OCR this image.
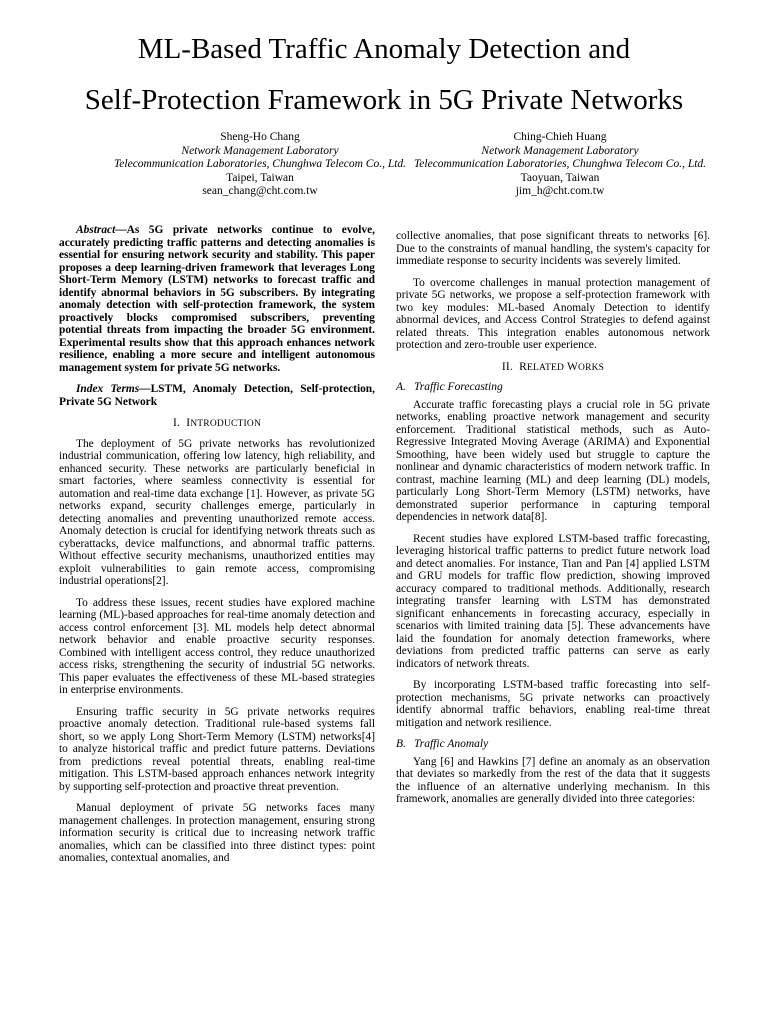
ML-Based Traffic Anomaly Detection and
Self-Protection Framework in 5G Private Networks
Sheng-Ho Chang
Network Management Laboratory
Telecommunication Laboratories, Chunghwa Telecom Co., Ltd.
Taipei, Taiwan
sean_chang@cht.com.tw
Ching-Chieh Huang
Network Management Laboratory
Telecommunication Laboratories, Chunghwa Telecom Co., Ltd.
Taoyuan, Taiwan
jim_h@cht.com.tw

Abstract—As 5G private networks continue to evolve, accurately predicting traffic patterns and detecting anomalies is essential for ensuring network security and stability. This paper proposes a deep learning-driven framework that leverages Long Short-Term Memory (LSTM) networks to forecast traffic and identify abnormal behaviors in 5G subscribers. By integrating anomaly detection with self-protection framework, the system proactively blocks compromised subscribers, preventing potential threats from impacting the broader 5G environment. Experimental results show that this approach enhances network resilience, enabling a more secure and intelligent autonomous management system for private 5G networks.

Index Terms—LSTM, Anomaly Detection, Self-protection, Private 5G Network

I. INTRODUCTION

The deployment of 5G private networks has revolutionized industrial communication, offering low latency, high reliability, and enhanced security. These networks are particularly beneficial in smart factories, where seamless connectivity is essential for automation and real-time data exchange [1]. However, as private 5G networks expand, security challenges emerge, particularly in detecting anomalies and preventing unauthorized remote access. Anomaly detection is crucial for identifying network threats such as cyberattacks, device malfunctions, and abnormal traffic patterns. Without effective security mechanisms, unauthorized entities may exploit vulnerabilities to gain remote access, compromising industrial operations[2].

To address these issues, recent studies have explored machine learning (ML)-based approaches for real-time anomaly detection and access control enforcement [3]. ML models help detect abnormal network behavior and enable proactive security responses. Combined with intelligent access control, they reduce unauthorized access risks, strengthening the security of industrial 5G networks. This paper evaluates the effectiveness of these ML-based strategies in enterprise environments.

Ensuring traffic security in 5G private networks requires proactive anomaly detection. Traditional rule-based systems fall short, so we apply Long Short-Term Memory (LSTM) networks[4] to analyze historical traffic and predict future patterns. Deviations from predictions reveal potential threats, enabling real-time mitigation. This LSTM-based approach enhances network integrity by supporting self-protection and proactive threat prevention.

Manual deployment of private 5G networks faces many management challenges. In protection management, ensuring strong information security is critical due to increasing network traffic anomalies, which can be classified into three distinct types: point anomalies, contextual anomalies, and

collective anomalies, that pose significant threats to networks [6]. Due to the constraints of manual handling, the system's capacity for immediate response to security incidents was severely limited.

To overcome challenges in manual protection management of private 5G networks, we propose a self-protection framework with two key modules: ML-based Anomaly Detection to identify abnormal devices, and Access Control Strategies to defend against related threats. This integration enables autonomous network protection and zero-trouble user experience.

II. RELATED WORKS
A. Traffic Forecasting

Accurate traffic forecasting plays a crucial role in 5G private networks, enabling proactive network management and security enforcement. Traditional statistical methods, such as Auto-Regressive Integrated Moving Average (ARIMA) and Exponential Smoothing, have been widely used but struggle to capture the nonlinear and dynamic characteristics of modern network traffic. In contrast, machine learning (ML) and deep learning (DL) models, particularly Long Short-Term Memory (LSTM) networks, have demonstrated superior performance in capturing temporal dependencies in network data[8].

Recent studies have explored LSTM-based traffic forecasting, leveraging historical traffic patterns to predict future network load and detect anomalies. For instance, Tian and Pan [4] applied LSTM and GRU models for traffic flow prediction, showing improved accuracy compared to traditional methods. Additionally, research integrating transfer learning with LSTM has demonstrated significant enhancements in forecasting accuracy, especially in scenarios with limited training data [5]. These advancements have laid the foundation for anomaly detection frameworks, where deviations from predicted traffic patterns can serve as early indicators of network threats.

By incorporating LSTM-based traffic forecasting into self-protection mechanisms, 5G private networks can proactively identify abnormal traffic behaviors, enabling real-time threat mitigation and network resilience.

B. Traffic Anomaly

Yang [6] and Hawkins [7] define an anomaly as an observation that deviates so markedly from the rest of the data that it suggests the influence of an alternative underlying mechanism. In this framework, anomalies are generally divided into three categories:
